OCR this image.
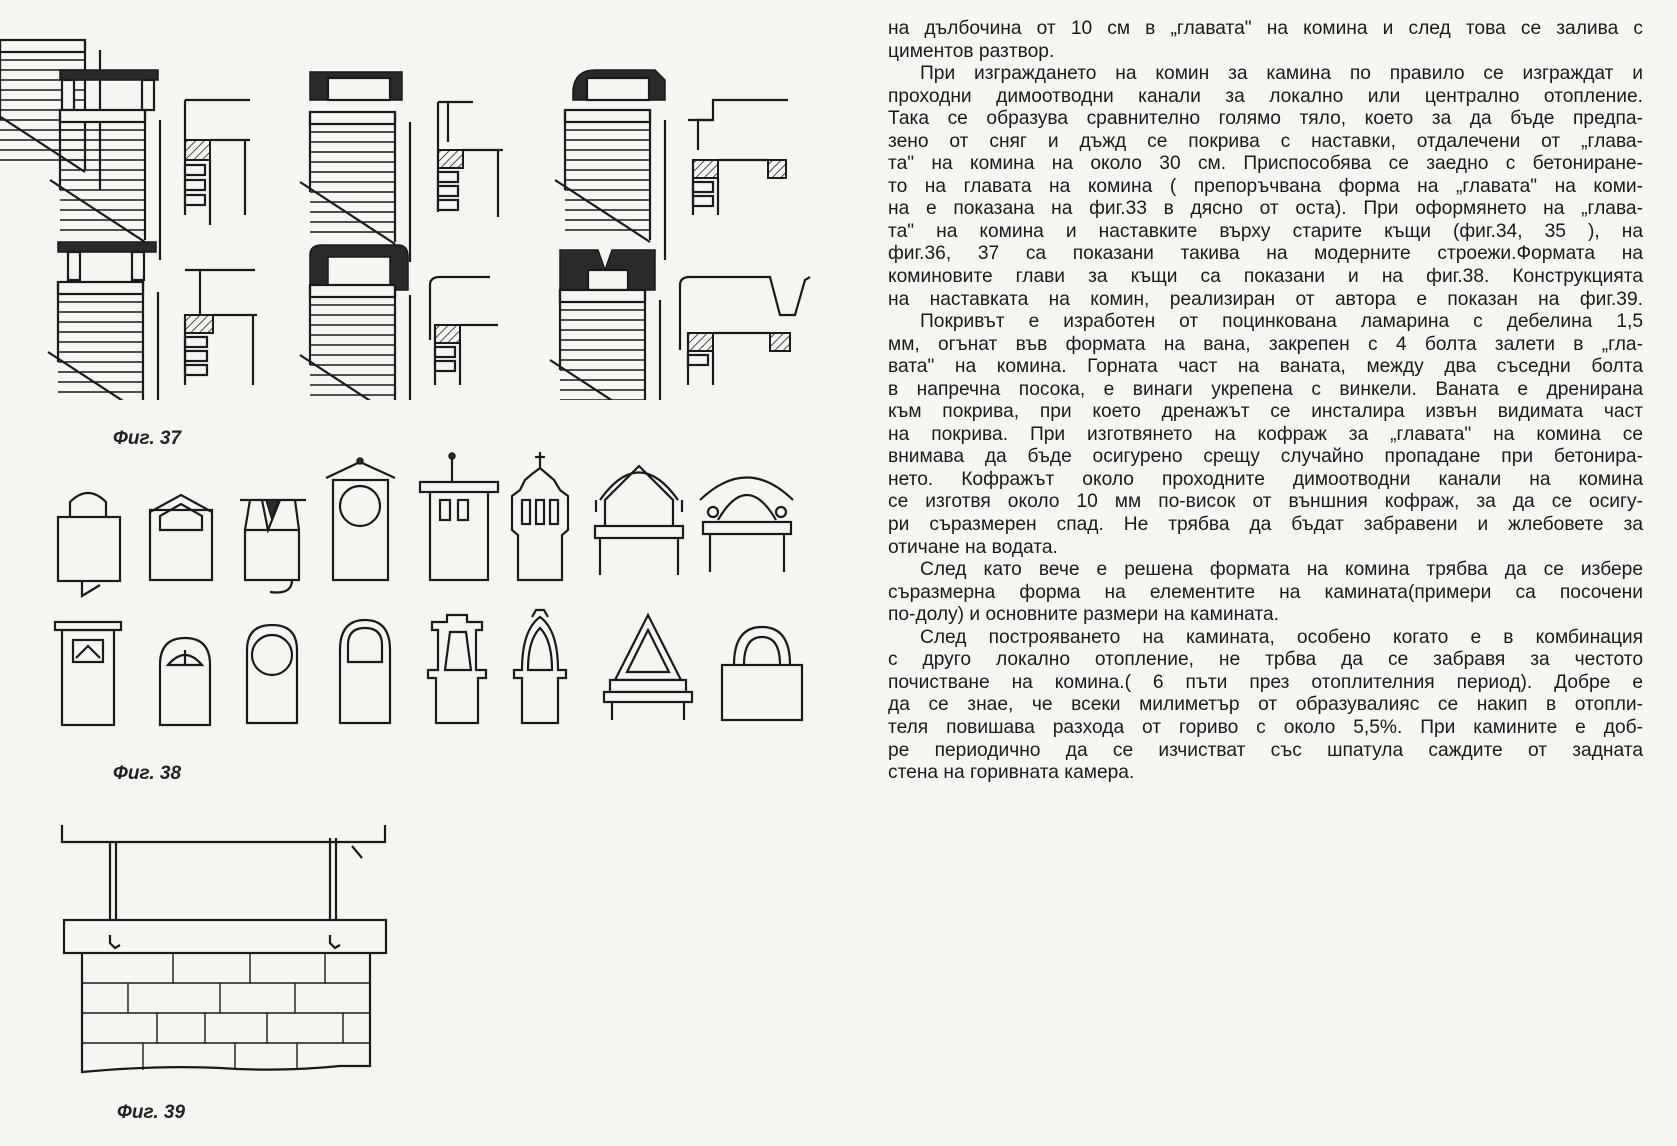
Фиг. 37
Фиг. 38
Фиг. 39
на дълбочина от 10 см в „главата" на комина и след това се залива с
циментов разтвор.
При изграждането на комин за камина по правило се изграждат и
проходни димоотводни канали за локално или централно отопление.
Така се образува сравнително голямо тяло, което за да бъде предпа-
зено от сняг и дъжд се покрива с наставки, отдалечени от „глава-
та" на комина на около 30 см. Приспособява се заедно с бетониране-
то на главата на комина ( препоръчвана форма на „главата" на коми-
на е показана на фиг.33 в дясно от оста). При оформянето на „глава-
та" на комина и наставките върху старите къщи (фиг.34, 35 ), на
фиг.36, 37 са показани такива на модерните строежи.Формата на
коминовите глави за къщи са показани и на фиг.38. Конструкцията
на наставката на комин, реализиран от автора е показан на фиг.39.
Покривът е изработен от поцинкована ламарина с дебелина 1,5
мм, огънат във формата на вана, закрепен с 4 болта залети в „гла-
вата" на комина. Горната част на ваната, между два съседни болта
в напречна посока, е винаги укрепена с винкели. Ваната е дренирана
към покрива, при което дренажът се инсталира извън видимата част
на покрива. При изготвянето на кофраж за „главата" на комина се
внимава да бъде осигурено срещу случайно пропадане при бетонира-
нето. Кофражът около проходните димоотводни канали на комина
се изготвя около 10 мм по-висок от външния кофраж, за да се осигу-
ри съразмерен спад. Не трябва да бъдат забравени и жлебовете за
отичане на водата.
След като вече е решена формата на комина трябва да се избере
съразмерна форма на елементите на камината(примери са посочени
по-долу) и основните размери на камината.
След построяването на камината, особено когато е в комбинация
с друго локално отопление, не трбва да се забравя за честото
почистване на комина.( 6 пъти през отоплителния период). Добре е
да се знае, че всеки милиметър от образувалияс се накип в отопли-
теля повишава разхода от гориво с около 5,5%. При камините е доб-
ре периодично да се изчистват със шпатула саждите от задната
стена на горивната камера.
